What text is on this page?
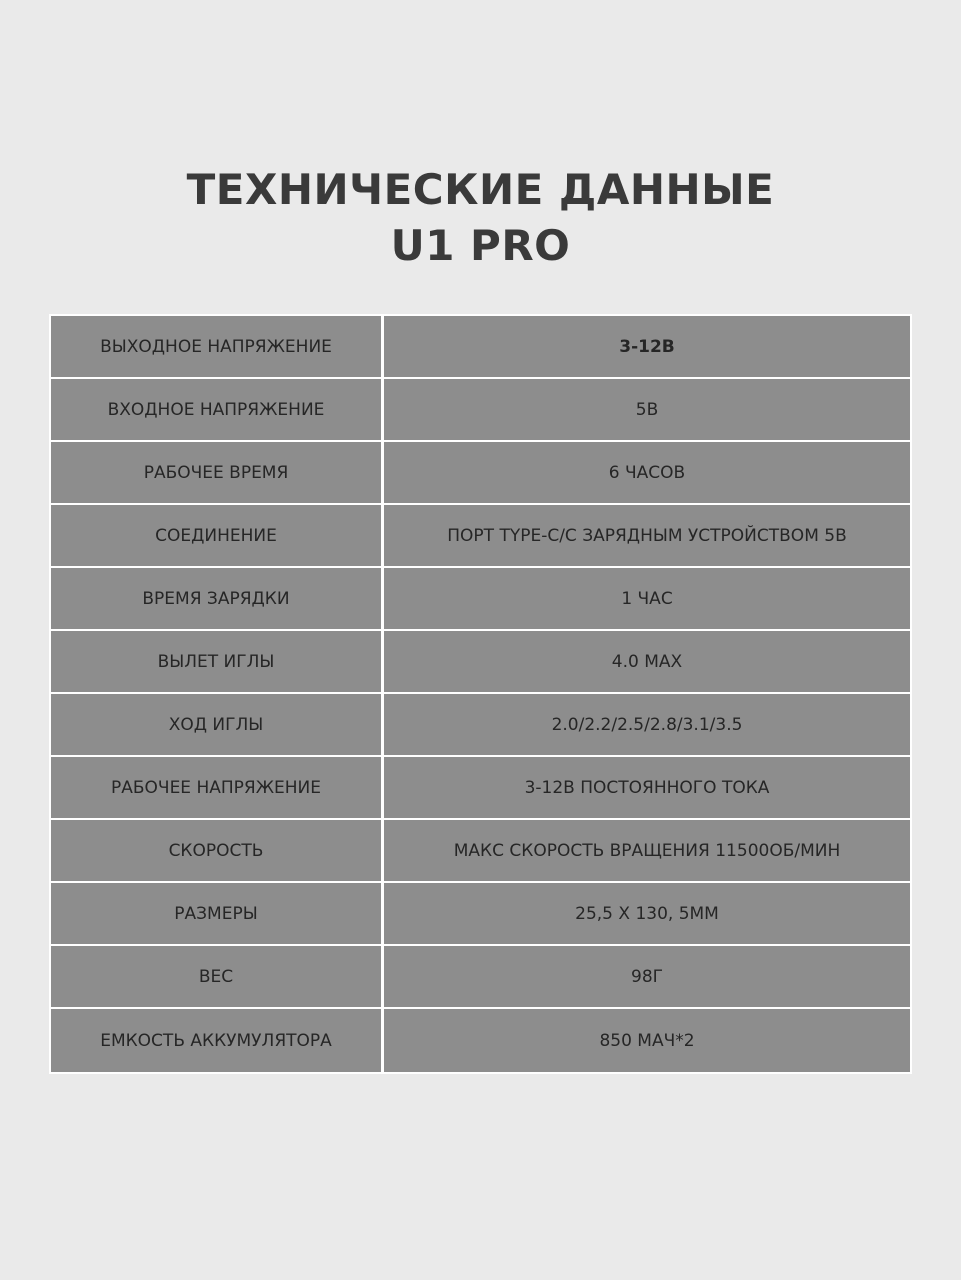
ТЕХНИЧЕСКИЕ ДАННЫЕ
U1 PRO
ВЫХОДНОЕ НАПРЯЖЕНИЕ	3-12В
ВХОДНОЕ НАПРЯЖЕНИЕ	5В
РАБОЧЕЕ ВРЕМЯ	6 ЧАСОВ
СОЕДИНЕНИЕ	ПОРТ TYPE-C/С ЗАРЯДНЫМ УСТРОЙСТВОМ 5В
ВРЕМЯ ЗАРЯДКИ	1 ЧАС
ВЫЛЕТ ИГЛЫ	4.0 MAX
ХОД ИГЛЫ	2.0/2.2/2.5/2.8/3.1/3.5
РАБОЧЕЕ НАПРЯЖЕНИЕ	3-12В ПОСТОЯННОГО ТОКА
СКОРОСТЬ	МАКС СКОРОСТЬ ВРАЩЕНИЯ 11500ОБ/МИН
РАЗМЕРЫ	25,5 Х 130, 5ММ
ВЕС	98Г
ЕМКОСТЬ АККУМУЛЯТОРА	850 МАЧ*2
